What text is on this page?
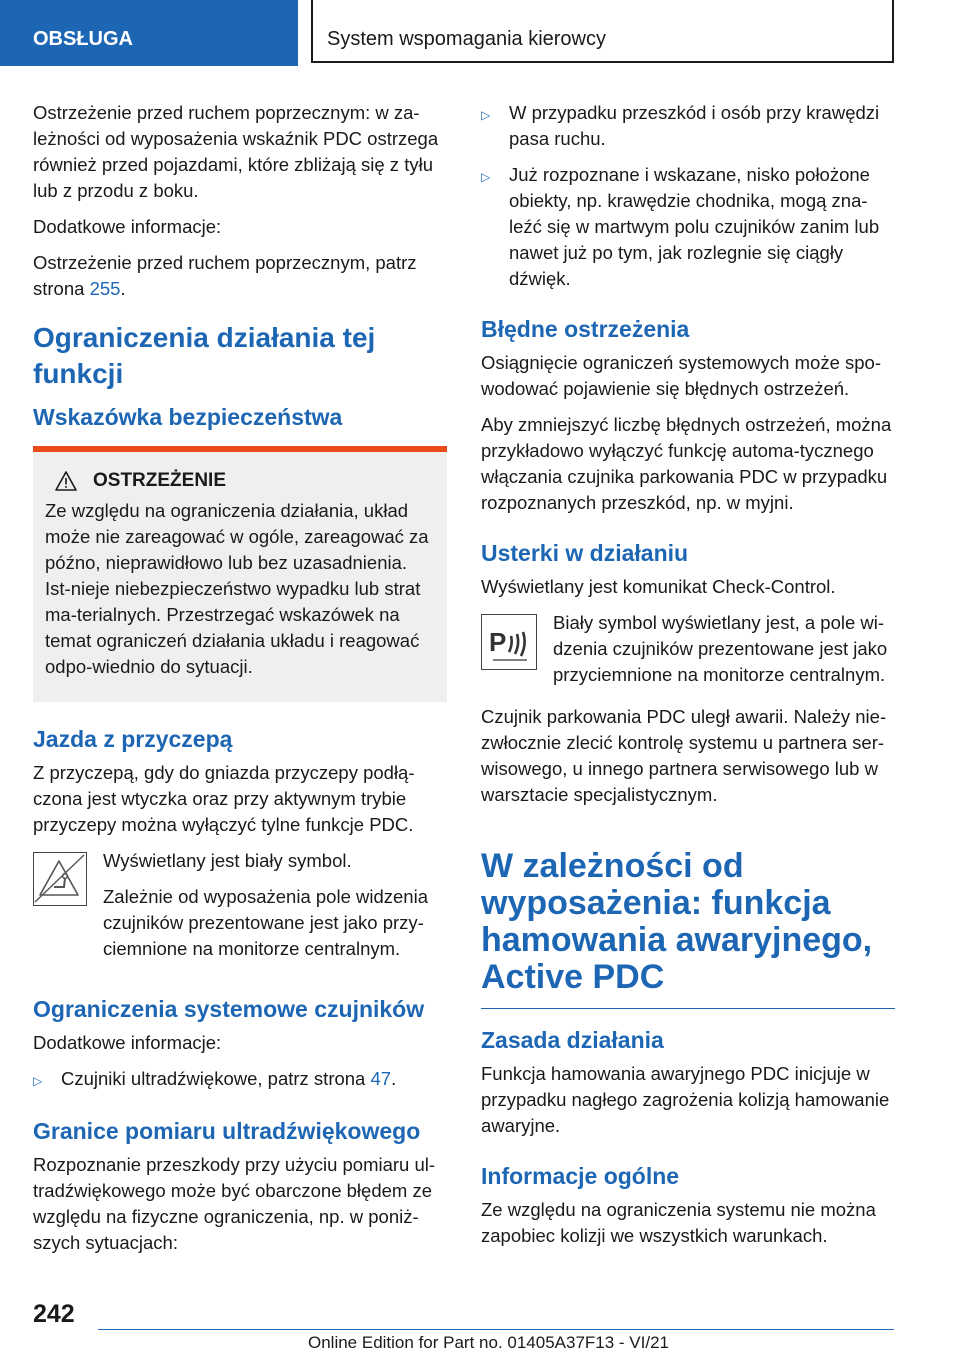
OBSŁUGA	System wspomagania kierowcy

Ostrzeżenie przed ruchem poprzecznym: w za-leżności od wyposażenia wskaźnik PDC ostrzega również przed pojazdami, które zbliżają się z tyłu lub z przodu z boku.

Dodatkowe informacje:

Ostrzeżenie przed ruchem poprzecznym, patrz strona 255.

Ograniczenia działania tej funkcji
Wskazówka bezpieczeństwa
OSTRZEŻENIE

Ze względu na ograniczenia działania, układ może nie zareagować w ogóle, zareagować za późno, nieprawidłowo lub bez uzasadnienia. Ist-nieje niebezpieczeństwo wypadku lub strat ma-terialnych. Przestrzegać wskazówek na temat ograniczeń działania układu i reagować odpo-wiednio do sytuacji.

Jazda z przyczepą

Z przyczepą, gdy do gniazda przyczepy podłą-czona jest wtyczka oraz przy aktywnym trybie przyczepy można wyłączyć tylne funkcje PDC.

Wyświetlany jest biały symbol.

Zależnie od wyposażenia pole widzenia czujników prezentowane jest jako przy-ciemnione na monitorze centralnym.

Ograniczenia systemowe czujników

Dodatkowe informacje:

▷	Czujniki ultradźwiękowe, patrz strona 47.
Granice pomiaru ultradźwiękowego

Rozpoznanie przeszkody przy użyciu pomiaru ul-tradźwiękowego może być obarczone błędem ze względu na fizyczne ograniczenia, np. w poniż-szych sytuacjach:

▷	W przypadku przeszkód i osób przy krawędzi pasa ruchu.
▷	Już rozpoznane i wskazane, nisko położone obiekty, np. krawędzie chodnika, mogą zna-leźć się w martwym polu czujników zanim lub nawet już po tym, jak rozlegnie się ciągły dźwięk.
Błędne ostrzeżenia

Osiągnięcie ograniczeń systemowych może spo-wodować pojawienie się błędnych ostrzeżeń.

Aby zmniejszyć liczbę błędnych ostrzeżeń, można przykładowo wyłączyć funkcję automa-tycznego włączania czujnika parkowania PDC w przypadku rozpoznanych przeszkód, np. w myjni.

Usterki w działaniu

Wyświetlany jest komunikat Check-Control.

P

Biały symbol wyświetlany jest, a pole wi-dzenia czujników prezentowane jest jako przyciemnione na monitorze centralnym.

Czujnik parkowania PDC uległ awarii. Należy nie-zwłocznie zlecić kontrolę systemu u partnera ser-wisowego, u innego partnera serwisowego lub w warsztacie specjalistycznym.

W zależności od
wyposażenia: funkcja
hamowania awaryjnego,
Active PDC
Zasada działania

Funkcja hamowania awaryjnego PDC inicjuje w przypadku nagłego zagrożenia kolizją hamowanie awaryjne.

Informacje ogólne

Ze względu na ograniczenia systemu nie można zapobiec kolizji we wszystkich warunkach.

242
Online Edition for Part no. 01405A37F13 - VI/21
